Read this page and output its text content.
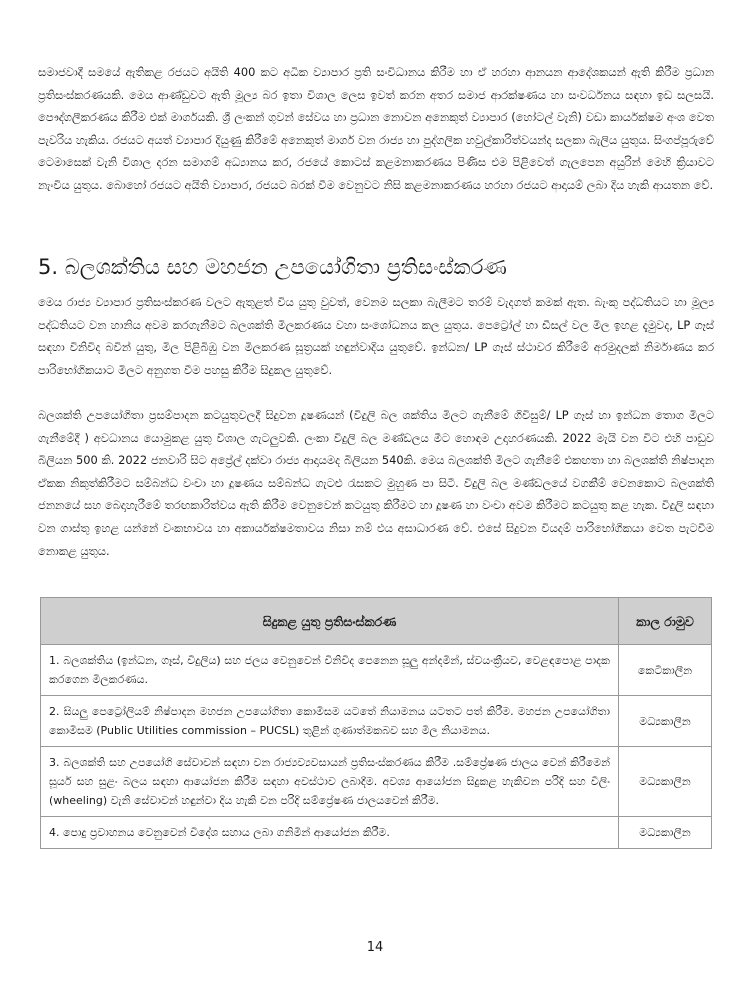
සමාජවාදී සමයේ ඇතිකළ රජයට අයිති 400 කට අධික ව්‍යාපාර ප්‍රති සංවිධානය කිරීම හා ඒ හරහා ආනයන ආදේශකයන් ඇති කිරීම ප්‍රධාන ප්‍රතිසංස්කරණයකි. මෙය ආණ්ඩුවට ඇති මූල්‍ය බර ඉතා විශාල ලෙස ඉවත් කරන අතර සමාජ ආරක්ෂණය හා සංවර්ධනය සඳහා ඉඩ සලසයි. පෞද්ගලීකරණය කිරීම එක් මාර්ගයකි. ශ්‍රී ලංකන් ගුවන් සේවය හා ප්‍රධාන නොවන අනෙකුත් ව්‍යාපාර (හෝටල් වැනි) වඩා කාර්යක්ෂම අංශ වෙත පැවරිය හැකිය. රජයට අයත් ව්‍යාපාර දියුණු කිරීමේ අනෙකුත් මාර්ග වන රාජ්‍ය හා පුද්ගලික හවුල්කාරිත්වයන්ද සලකා බැලිය යුතුය. සිංගප්පූරුවේ ටෙමාසෙක් වැනි විශාල දරන සමාගම් අධ්‍යානය කර, රජයේ කොටස් කළමනාකරණය පිණිස එම පිළිවෙත් ගැලපෙන අයුරින් මෙහි ක්‍රියාවට නැංවිය යුතුය. බොහෝ රජයට අයිති ව්‍යාපාර, රජයට බරක් වීම වෙනුවට නිසි කළමනාකරණය හරහා රජයට ආදායම් ලබා දිය හැකි ආයතන වේ.

5. බලශක්තිය සහ මහජන උපයෝගිතා ප්‍රතිසංස්කරණ

මෙය රාජ්‍ය ව්‍යාපාර ප්‍රතිසංස්කරණ වලට ඇතුළත් විය යුතු වුවත්, වෙනම සලකා බැලීමට තරම් වැදගත් කමක් ඇත. බැංකු පද්ධතියට හා මූල්‍ය පද්ධතියට වන හානිය අවම කරගැනීමට බලශක්ති මිලකරණය වහා සංශෝධනය කල යුතුය. පෙට්‍රෝල් හා ඩීසල් වල මිල ඉහළ දැමුවද, LP ගෑස් සඳහා විනිවිද බවින් යුතු, මිල පිළිබිඹු වන මිලකරණ සූත්‍රයක් හඳුන්වාදිය යුතුවේ. ඉන්ධන/ LP ගෑස් ස්ථාවර කිරීමේ අරමුදලක් නිර්මාණය කර පාරිභෝගිකයාට මිලට අනුගත වීම පහසු කිරීම සිදුකල යුතුවේ.

බලශක්ති උපයෝගිතා ප්‍රසම්පාදන කටයුතුවලදී සිදුවන දූෂණයන් (විදුලි බල ශක්තිය මිලට ගැනීමේ ගිවිසුම්/ LP ගෑස් හා ඉන්ධන තොග මිලට ගැනීමේදී ) අවධානය යොමුකළ යුතු විශාල ගැටලුවකි. ලංකා විදුලි බල මණ්ඩලය මීට හොඳම උදාහරණයකි. 2022 මැයි වන විට එහි පාඩුව බිලියන 500 කි. 2022 ජනවාරි සිට අප්‍රේල් දක්වා රාජ්‍ය ආදායමද බිලියන 540කි. මෙය බලශක්ති මිලට ගැනීමේ එකඟතා හා බලශක්ති නිෂ්පාදන ඒකක නිකුත්කිරීමට සම්බන්ධ වංචා හා දූෂණය සම්බන්ධ ගැටළු රැසකට මුහුණ පා සිටී. විදුලි බල මණ්ඩලයේ වගකීම් වෙනකොට බලශක්ති ජනනයේ සහ බෙදාහැරීමේ තරඟකාරිත්වය ඇති කිරීම වෙනුවෙන් කටයුතු කිරීමට හා දූෂණ හා වංචා අවම කිරීමට කටයුතු කළ හැක. විදුලි සඳහා වන ගාස්තු ඉහළ යන්නේ වංකභාවය හා අකාර්යක්ෂමතාවය නිසා නම් එය අසාධාරණ වේ. එසේ සිදුවන වියදම් පාරිභෝගිකයා වෙත පැටවීම නොකළ යුතුය.

සිදුකළ යුතු ප්‍රතිසංස්කරණ	කාල රාමුව
1. බලශක්තිය (ඉන්ධන, ගෑස්, විදුලිය) සහ ජලය වෙනුවෙන් විනිවිද පෙනෙන සූලු අන්දමින්, ස්වයංක්‍රීයව, වෙළඳපොළ පාදක කරගෙන මිලකරණය.	කෙටිකාලීන
2. සියලු පෙට්‍රෝලියම් නිෂ්පාදන මහජන උපයෝගිතා කොමිසම යටතේ නියාමනය යටතට පත් කිරීම. මහජන උපයෝගිතා කොමිසම (Public Utilities commission – PUCSL) තුළින් ගුණාත්මකබව සහ මිල නියාමනය.	මධ්‍යකාලීන
3. බලශක්ති සහ උපයෝගි සේවාවන් සඳහා වන රාජ්‍යව්‍යවසායන් ප්‍රතිසංස්කරණය කිරීම .සම්ප්‍රේෂණ ජාලය වෙන් කිරීමෙන් සූර්ය සහ සුළං බලය සඳහා ආයෝජන කිරීම සඳහා අවස්ථාව ලබාදීම. අවශ්‍ය ආයෝජන සිදුකළ හැකිවන පරිදි සහ වීලිං (wheeling) වැනි සේවාවන් හඳුන්වා දිය හැකි වන පරිදි සම්ප්‍රේෂණ ජාලයවෙන් කිරීම.	මධ්‍යකාලීන
4. පොදු ප්‍රවාහනය වෙනුවෙන් විදේශ සහාය ලබා ගනිමින් ආයෝජන කිරීම.	මධ්‍යකාලීන
14
